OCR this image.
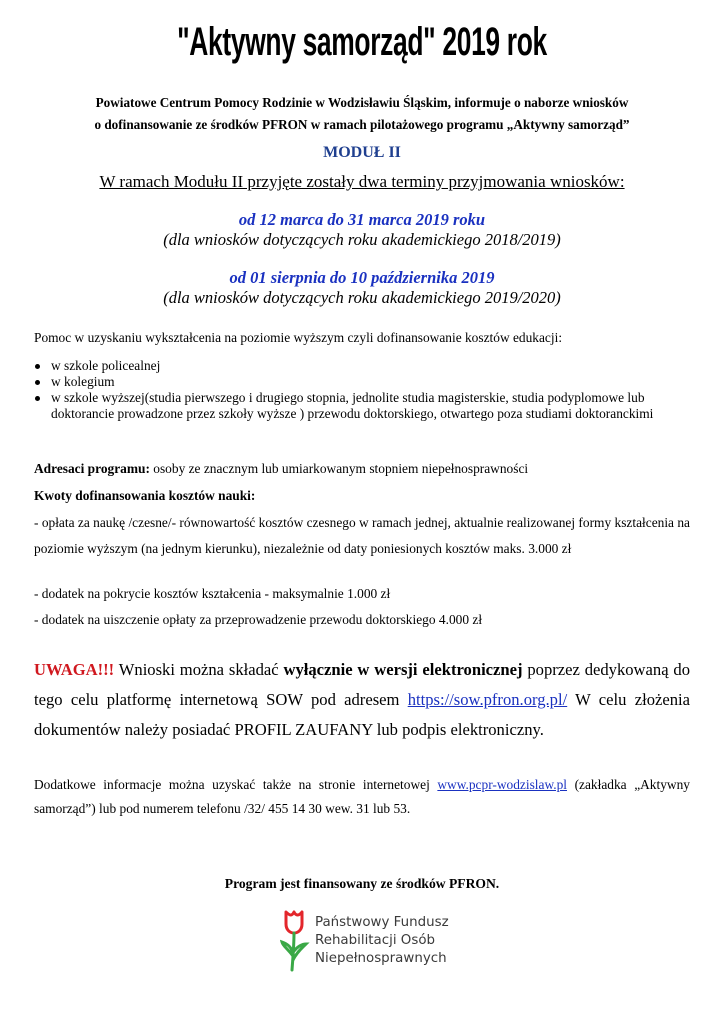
"Aktywny samorząd" 2019 rok
Powiatowe Centrum Pomocy Rodzinie w Wodzisławiu Śląskim, informuje o naborze wniosków
o dofinansowanie ze środków PFRON w ramach pilotażowego programu „Aktywny samorząd”
MODUŁ II
W ramach Modułu II przyjęte zostały dwa terminy przyjmowania wniosków:
od 12 marca do 31 marca 2019 roku
(dla wniosków dotyczących roku akademickiego 2018/2019)
od 01 sierpnia do 10 października 2019
(dla wniosków dotyczących roku akademickiego 2019/2020)
Pomoc w uzyskaniu wykształcenia na poziomie wyższym czyli dofinansowanie kosztów edukacji:
w szkole policealnej
w kolegium
w szkole wyższej(studia pierwszego i drugiego stopnia, jednolite studia magisterskie, studia podyplomowe lub doktorancie prowadzone przez szkoły wyższe ) przewodu doktorskiego, otwartego poza studiami doktoranckimi
Adresaci programu: osoby ze znacznym lub umiarkowanym stopniem niepełnosprawności
Kwoty dofinansowania kosztów nauki:
- opłata za naukę /czesne/- równowartość kosztów czesnego w ramach jednej, aktualnie realizowanej formy kształcenia na poziomie wyższym (na jednym kierunku), niezależnie od daty poniesionych kosztów maks. 3.000 zł
- dodatek na pokrycie kosztów kształcenia - maksymalnie 1.000 zł
- dodatek na uiszczenie opłaty za przeprowadzenie przewodu doktorskiego 4.000 zł
UWAGA!!! Wnioski można składać wyłącznie w wersji elektronicznej poprzez dedykowaną do tego celu platformę internetową SOW pod adresem https://sow.pfron.org.pl/ W celu złożenia dokumentów należy posiadać PROFIL ZAUFANY lub podpis elektroniczny.
Dodatkowe informacje można uzyskać także na stronie internetowej www.pcpr-wodzislaw.pl (zakładka „Aktywny samorząd”) lub pod numerem telefonu /32/ 455 14 30 wew. 31 lub 53.
Program jest finansowany ze środków PFRON.
Państwowy Fundusz
Rehabilitacji Osób
Niepełnosprawnych
